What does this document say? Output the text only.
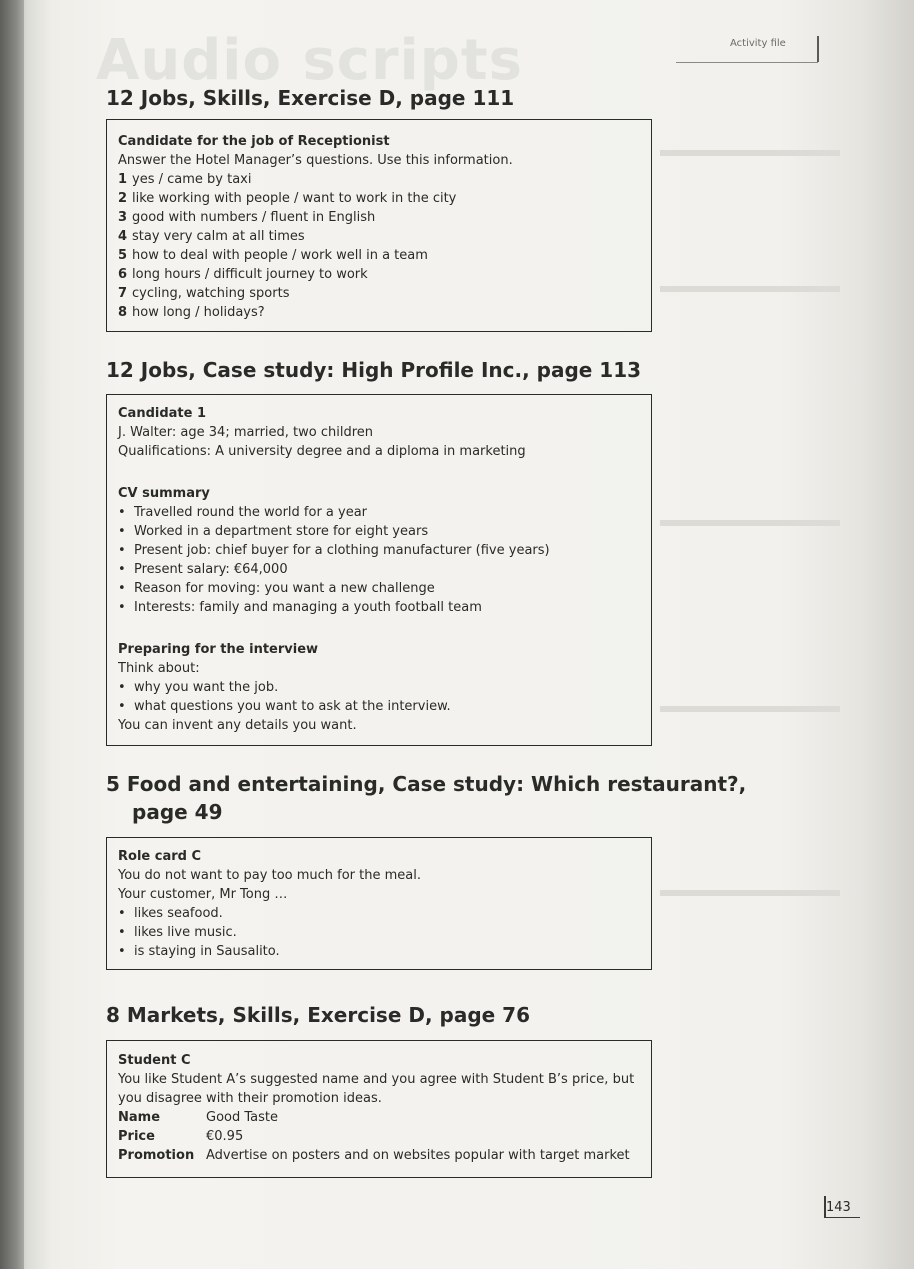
Audio scripts	Activity file
12 Jobs, Skills, Exercise D, page 111
Candidate for the job of Receptionist
Answer the Hotel Manager’s questions. Use this information.
1 yes / came by taxi
2 like working with people / want to work in the city
3 good with numbers / fluent in English
4 stay very calm at all times
5 how to deal with people / work well in a team
6 long hours / difficult journey to work
7 cycling, watching sports
8 how long / holidays?
12 Jobs, Case study: High Profile Inc., page 113
Candidate 1
J. Walter: age 34; married, two children
Qualifications: A university degree and a diploma in marketing
CV summary
• Travelled round the world for a year
• Worked in a department store for eight years
• Present job: chief buyer for a clothing manufacturer (five years)
• Present salary: €64,000
• Reason for moving: you want a new challenge
• Interests: family and managing a youth football team
Preparing for the interview
Think about:
• why you want the job.
• what questions you want to ask at the interview.
You can invent any details you want.
5 Food and entertaining, Case study: Which restaurant?,
page 49
Role card C
You do not want to pay too much for the meal.
Your customer, Mr Tong …
• likes seafood.
• likes live music.
• is staying in Sausalito.
8 Markets, Skills, Exercise D, page 76
Student C
You like Student A’s suggested name and you agree with Student B’s price, but
you disagree with their promotion ideas.
Name	Good Taste
Price	€0.95
Promotion Advertise on posters and on websites popular with target market
143
